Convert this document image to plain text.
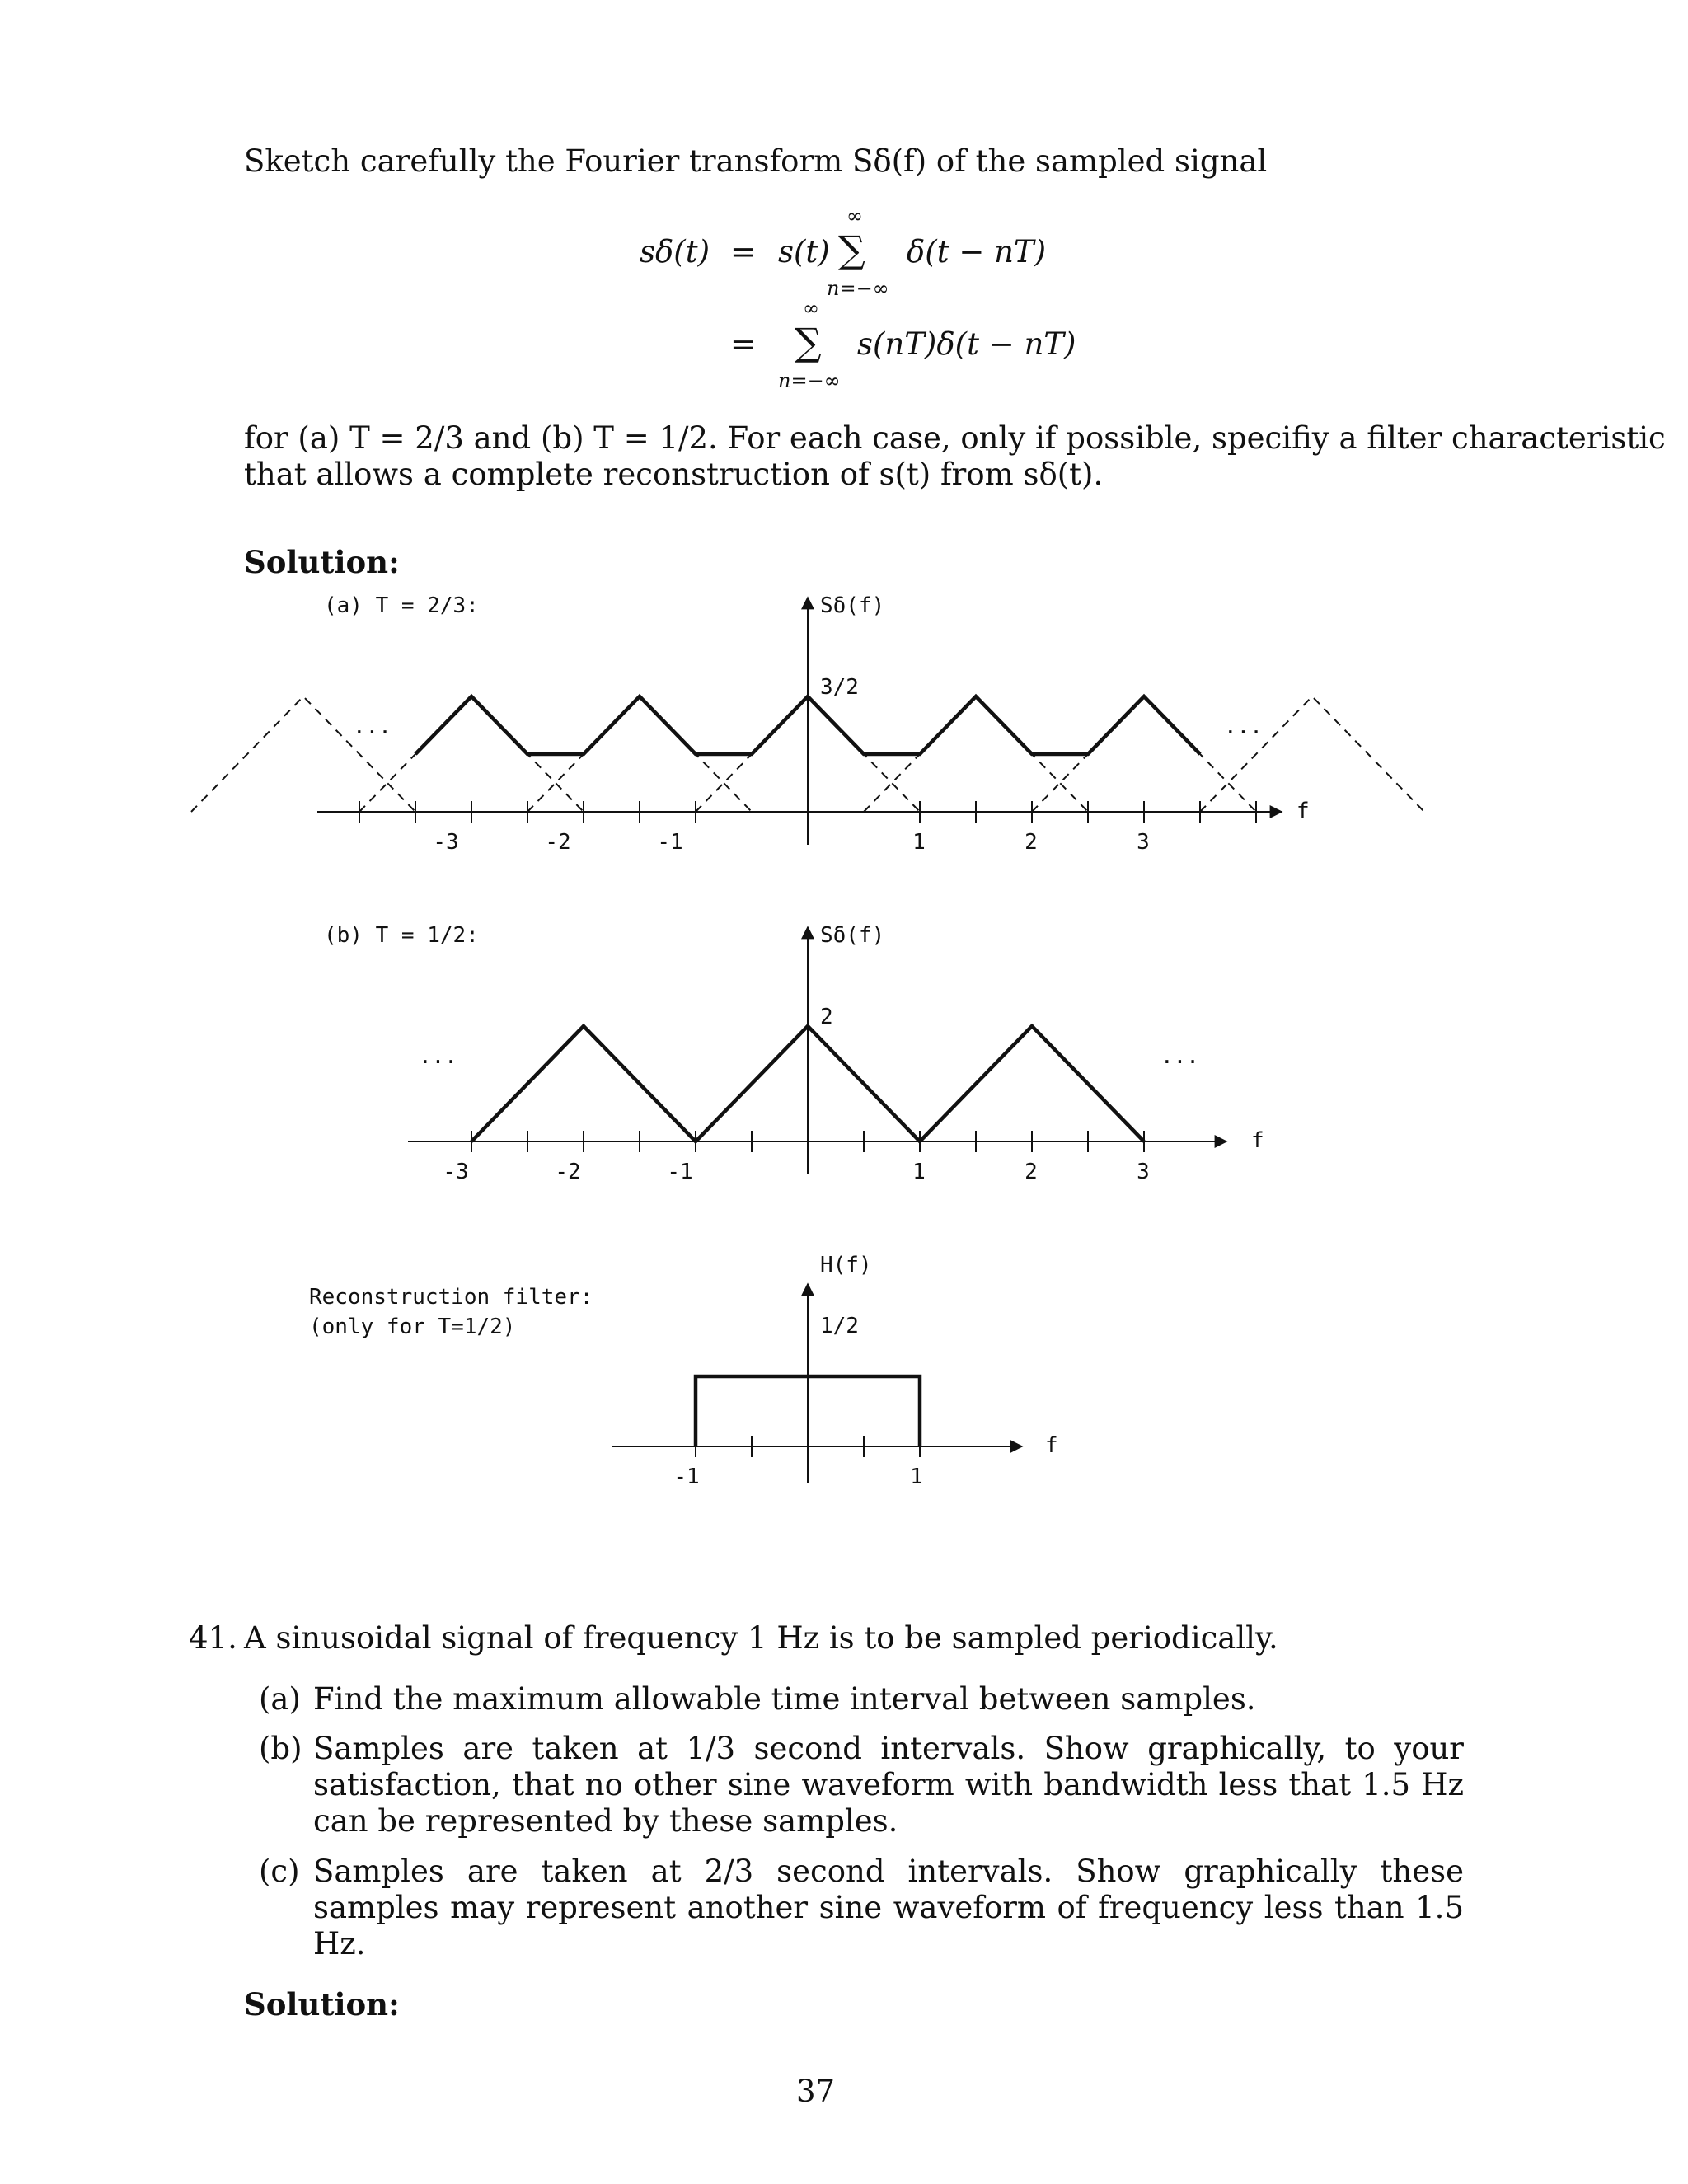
Sketch carefully the Fourier transform Sδ(f) of the sampled signal
sδ(t) = s(t)
∞
∑
n=−∞
δ(t − nT)
=
∞
∑
n=−∞
s(nT)δ(t − nT)
for (a) T = 2/3 and (b) T = 1/2. For each case, only if possible, specifiy a filter characteristic
that allows a complete reconstruction of s(t) from sδ(t).
Solution:
(a) T = 2/3:	Sδ(f)
3/2
f
...	...
-3	-2	-1	1	2	3
(b) T = 1/2:	Sδ(f)
2
f
...	...
-3	-2	-1	1	2	3
Reconstruction filter:
(only for T=1/2)
H(f)
1/2
f
-1	1
41. A sinusoidal signal of frequency 1 Hz is to be sampled periodically.
(a) Find the maximum allowable time interval between samples.
(b) Samples are taken at 1/3 second intervals. Show graphically, to your satisfaction, that no other sine waveform with bandwidth less that 1.5 Hz can be represented by these samples.
(c) Samples are taken at 2/3 second intervals. Show graphically these samples may represent another sine waveform of frequency less than 1.5 Hz.
Solution:
37
